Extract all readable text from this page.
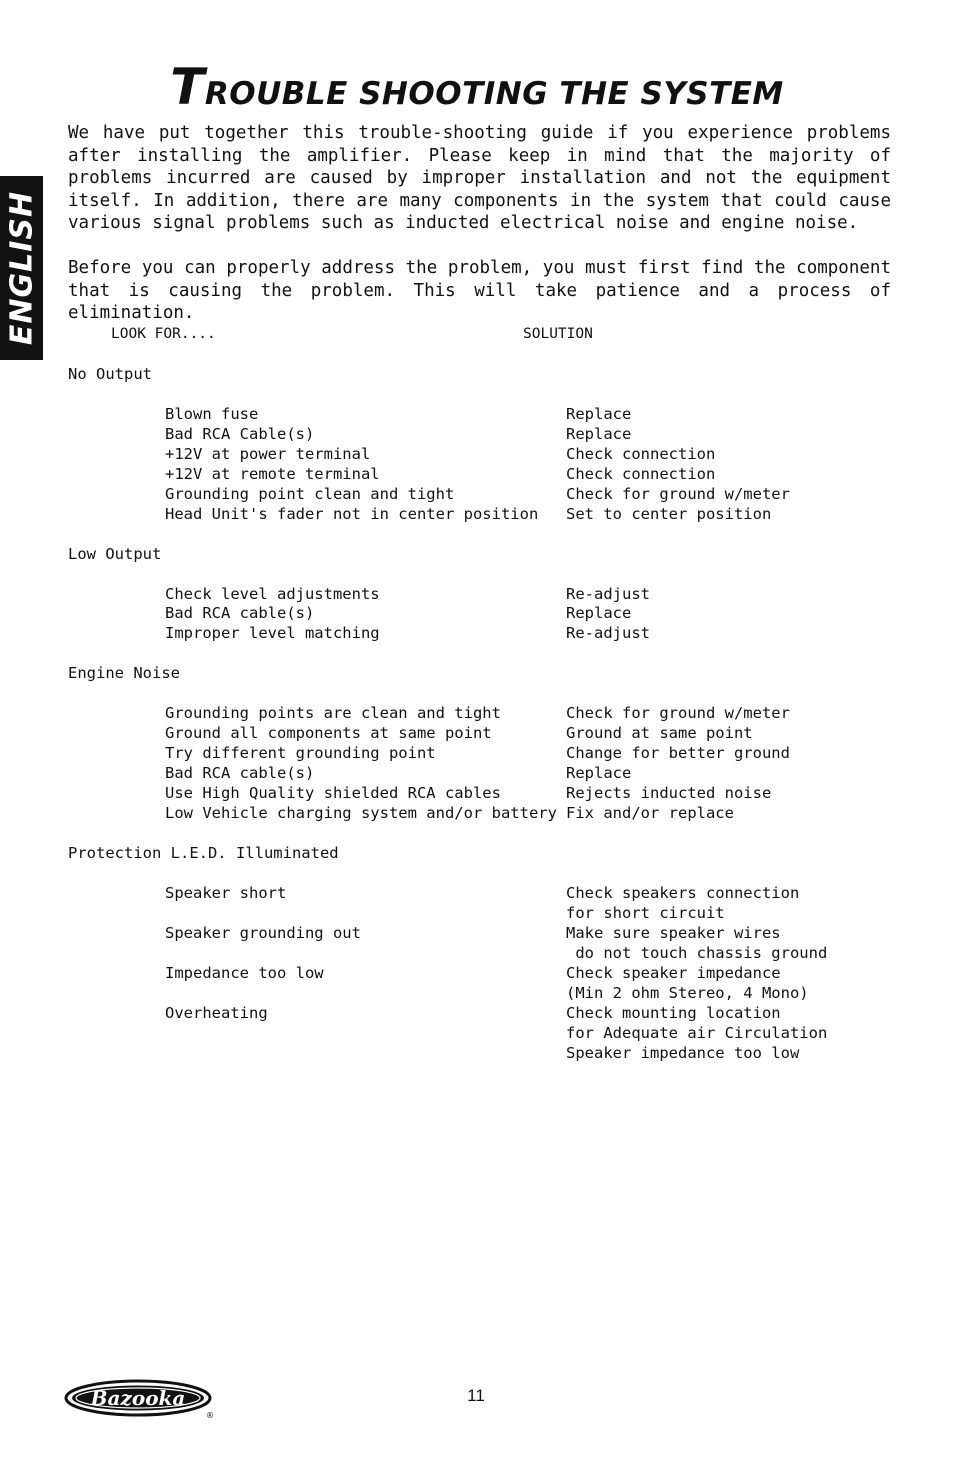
ENGLISH
TROUBLE SHOOTING THE SYSTEM

We have put together this trouble-shooting guide if you experience problems after installing the amplifier. Please keep in mind that the majority of problems incurred are caused by improper installation and not the equipment itself. In addition, there are many components in the system that could cause various signal problems such as inducted electrical noise and engine noise.

Before you can properly address the problem, you must first find the component that is causing the problem. This will take patience and a process of elimination.

LOOK FOR....	SOLUTION
No Output
Blown fuse	Replace
Bad RCA Cable(s)	Replace
+12V at power terminal	Check connection
+12V at remote terminal	Check connection
Grounding point clean and tight	Check for ground w/meter
Head Unit's fader not in center position Set to center position
Low Output
Check level adjustments	Re-adjust
Bad RCA cable(s)	Replace
Improper level matching	Re-adjust
Engine Noise
Grounding points are clean and tight	Check for ground w/meter
Ground all components at same point	Ground at same point
Try different grounding point	Change for better ground
Bad RCA cable(s)	Replace
Use High Quality shielded RCA cables	Rejects inducted noise
Low Vehicle charging system and/or battery Fix and/or replace
Protection L.E.D. Illuminated
Speaker short	Check speakers connection
for short circuit
Speaker grounding out	Make sure speaker wires
do not touch chassis ground
Impedance too low	Check speaker impedance
(Min 2 ohm Stereo, 4 Mono)
Overheating	Check mounting location
for Adequate air Circulation
Speaker impedance too low
Bazooka
®
11
